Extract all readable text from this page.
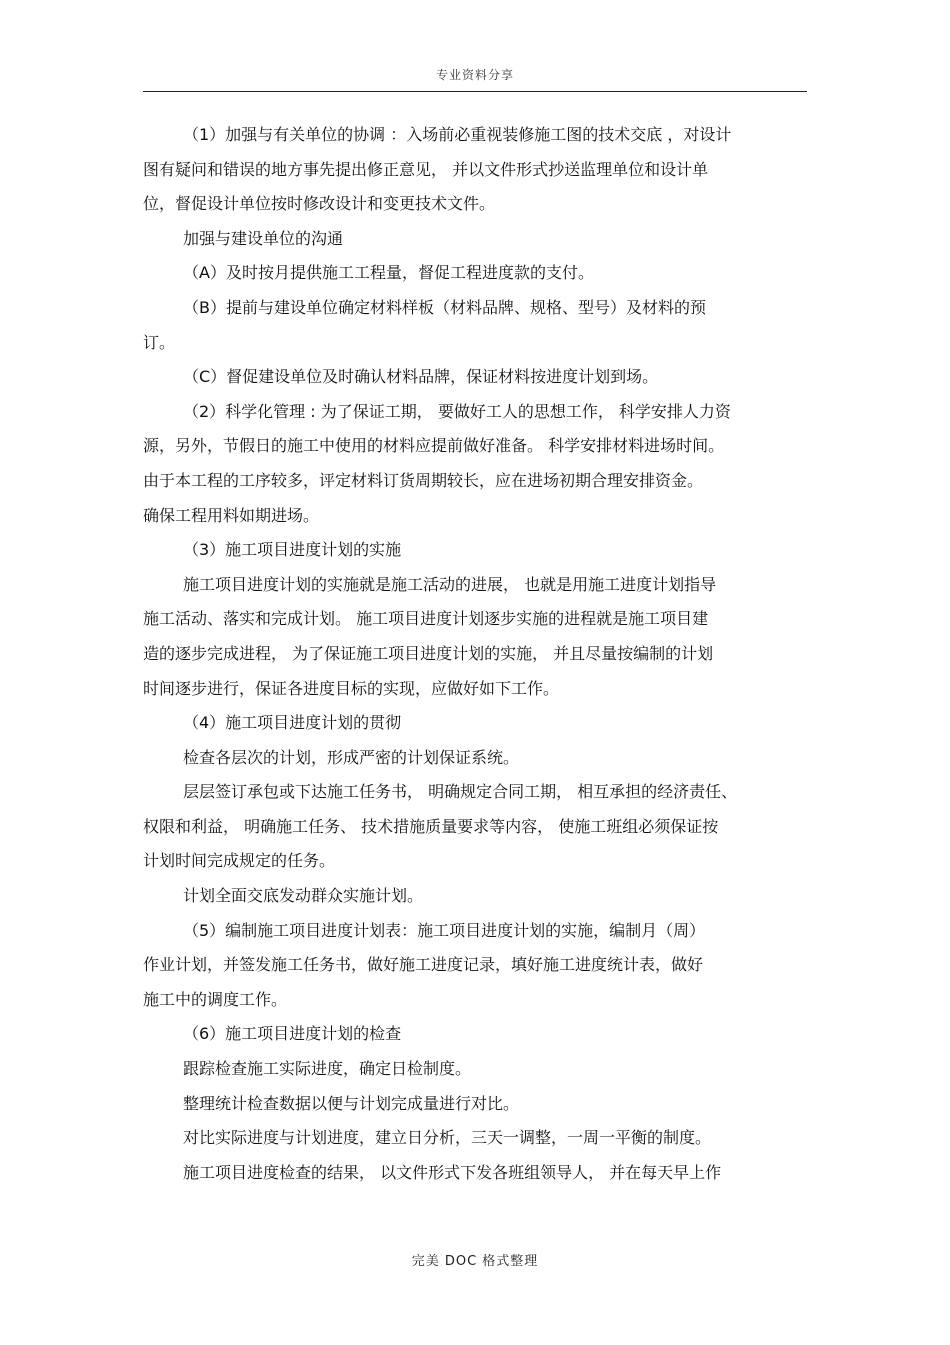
专业资料分享
（1）加强与有关单位的协调 ：入场前必重视装修施工图的技术交底 ，对设计
图有疑问和错误的地方事先提出修正意见， 并以文件形式抄送监理单位和设计单
位，督促设计单位按时修改设计和变更技术文件。
加强与建设单位的沟通
（A）及时按月提供施工工程量，督促工程进度款的支付。
（B）提前与建设单位确定材料样板（材料品牌、规格、型号）及材料的预
订。
（C）督促建设单位及时确认材料品牌，保证材料按进度计划到场。
（2）科学化管理 : 为了保证工期， 要做好工人的思想工作， 科学安排人力资
源，另外，节假日的施工中使用的材料应提前做好准备。 科学安排材料进场时间。
由于本工程的工序较多，评定材料订货周期较长，应在进场初期合理安排资金。
确保工程用料如期进场。
（3）施工项目进度计划的实施
施工项目进度计划的实施就是施工活动的进展， 也就是用施工进度计划指导
施工活动、落实和完成计划。 施工项目进度计划逐步实施的进程就是施工项目建
造的逐步完成进程， 为了保证施工项目进度计划的实施， 并且尽量按编制的计划
时间逐步进行，保证各进度目标的实现，应做好如下工作。
（4）施工项目进度计划的贯彻
检查各层次的计划，形成严密的计划保证系统。
层层签订承包或下达施工任务书， 明确规定合同工期， 相互承担的经济责任、
权限和利益， 明确施工任务、 技术措施质量要求等内容， 使施工班组必须保证按
计划时间完成规定的任务。
计划全面交底发动群众实施计划。
（5）编制施工项目进度计划表：施工项目进度计划的实施，编制月（周）
作业计划，并签发施工任务书，做好施工进度记录，填好施工进度统计表，做好
施工中的调度工作。
（6）施工项目进度计划的检查
跟踪检查施工实际进度，确定日检制度。
整理统计检查数据以便与计划完成量进行对比。
对比实际进度与计划进度，建立日分析，三天一调整，一周一平衡的制度。
施工项目进度检查的结果， 以文件形式下发各班组领导人， 并在每天早上作
完美 DOC 格式整理
